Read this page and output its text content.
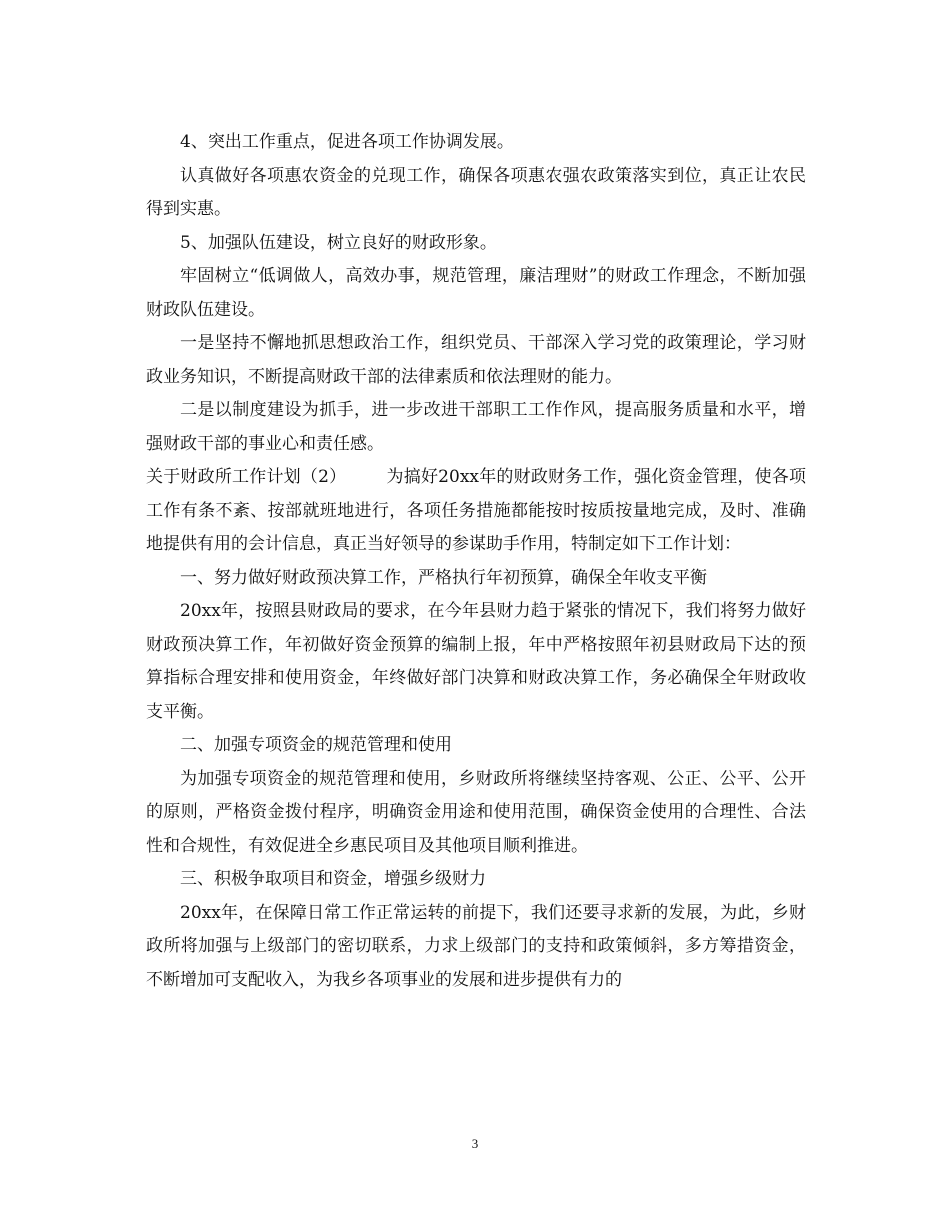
4、突出工作重点，促进各项工作协调发展。

认真做好各项惠农资金的兑现工作，确保各项惠农强农政策落实到位，真正让农民得到实惠。

5、加强队伍建设，树立良好的财政形象。

牢固树立“低调做人，高效办事，规范管理，廉洁理财”的财政工作理念，不断加强财政队伍建设。

一是坚持不懈地抓思想政治工作，组织党员、干部深入学习党的政策理论，学习财政业务知识，不断提高财政干部的法律素质和依法理财的能力。

二是以制度建设为抓手，进一步改进干部职工工作作风，提高服务质量和水平，增强财政干部的事业心和责任感。

关于财政所工作计划（2） 为搞好20xx年的财政财务工作，强化资金管理，使各项工作有条不紊、按部就班地进行，各项任务措施都能按时按质按量地完成，及时、准确地提供有用的会计信息，真正当好领导的参谋助手作用，特制定如下工作计划：

一、努力做好财政预决算工作，严格执行年初预算，确保全年收支平衡

20xx年，按照县财政局的要求，在今年县财力趋于紧张的情况下，我们将努力做好财政预决算工作，年初做好资金预算的编制上报，年中严格按照年初县财政局下达的预算指标合理安排和使用资金，年终做好部门决算和财政决算工作，务必确保全年财政收支平衡。

二、加强专项资金的规范管理和使用

为加强专项资金的规范管理和使用，乡财政所将继续坚持客观、公正、公平、公开的原则，严格资金拨付程序，明确资金用途和使用范围，确保资金使用的合理性、合法性和合规性，有效促进全乡惠民项目及其他项目顺利推进。

三、积极争取项目和资金，增强乡级财力

20xx年，在保障日常工作正常运转的前提下，我们还要寻求新的发展，为此，乡财政所将加强与上级部门的密切联系，力求上级部门的支持和政策倾斜，多方筹措资金，不断增加可支配收入，为我乡各项事业的发展和进步提供有力的

3
